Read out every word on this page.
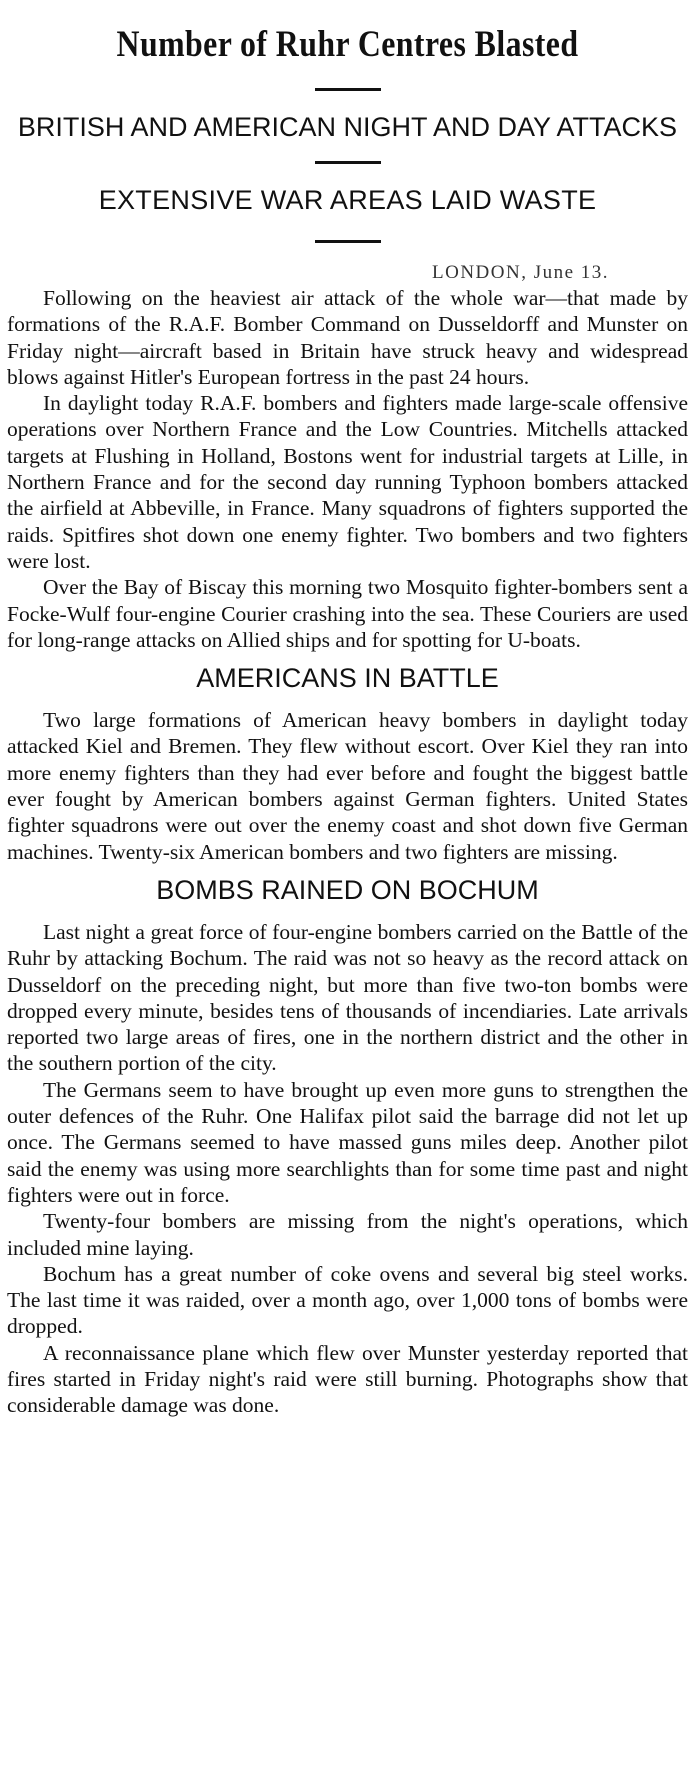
Number of Ruhr Centres Blasted
BRITISH AND AMERICAN NIGHT AND DAY ATTACKS
EXTENSIVE WAR AREAS LAID WASTE

LONDON, June 13.

Following on the heaviest air attack of the whole war—that made by formations of the R.A.F. Bomber Command on Dusseldorff and Munster on Friday night—aircraft based in Britain have struck heavy and widespread blows against Hitler's European fortress in the past 24 hours.

In daylight today R.A.F. bombers and fighters made large-scale offensive operations over Northern France and the Low Countries. Mitchells attacked targets at Flushing in Holland, Bostons went for industrial targets at Lille, in Northern France and for the second day running Typhoon bombers attacked the airfield at Abbeville, in France. Many squadrons of fighters supported the raids. Spitfires shot down one enemy fighter. Two bombers and two fighters were lost.

Over the Bay of Biscay this morning two Mosquito fighter-bombers sent a Focke-Wulf four-engine Courier crashing into the sea. These Couriers are used for long-range attacks on Allied ships and for spotting for U-boats.

AMERICANS IN BATTLE

Two large formations of American heavy bombers in daylight today attacked Kiel and Bremen. They flew without escort. Over Kiel they ran into more enemy fighters than they had ever before and fought the biggest battle ever fought by American bombers against German fighters. United States fighter squadrons were out over the enemy coast and shot down five German machines. Twenty-six American bombers and two fighters are missing.

BOMBS RAINED ON BOCHUM

Last night a great force of four-engine bombers carried on the Battle of the Ruhr by attacking Bochum. The raid was not so heavy as the record attack on Dusseldorf on the preceding night, but more than five two-ton bombs were dropped every minute, besides tens of thousands of incendiaries. Late arrivals reported two large areas of fires, one in the northern district and the other in the southern portion of the city.

The Germans seem to have brought up even more guns to strengthen the outer defences of the Ruhr. One Halifax pilot said the barrage did not let up once. The Germans seemed to have massed guns miles deep. Another pilot said the enemy was using more searchlights than for some time past and night fighters were out in force.

Twenty-four bombers are missing from the night's operations, which included mine laying.

Bochum has a great number of coke ovens and several big steel works. The last time it was raided, over a month ago, over 1,000 tons of bombs were dropped.

A reconnaissance plane which flew over Munster yesterday reported that fires started in Friday night's raid were still burning. Photographs show that considerable damage was done.
